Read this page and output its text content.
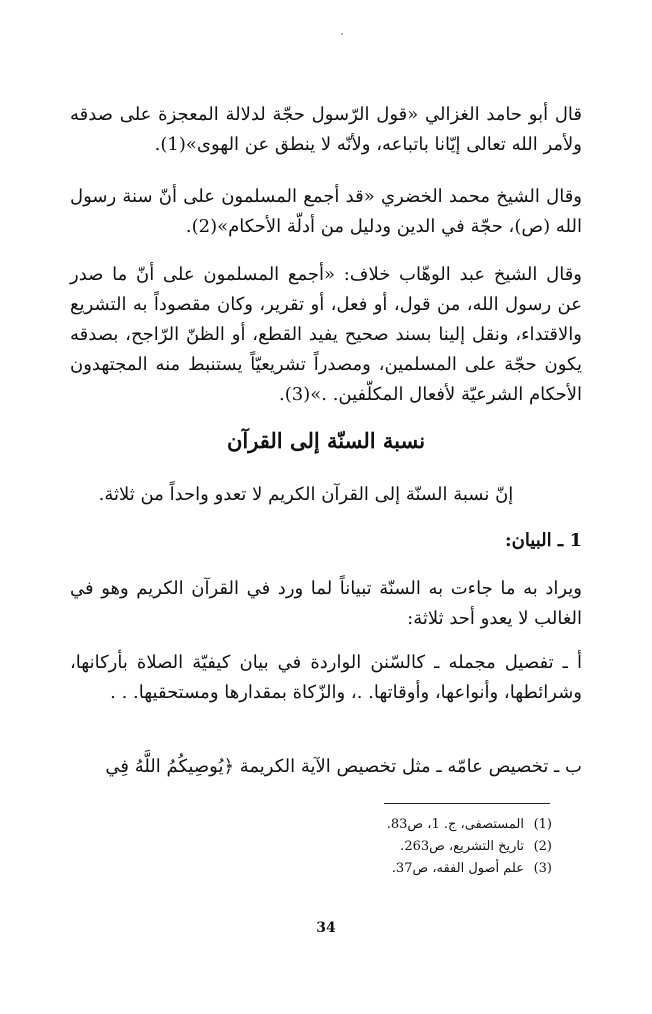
قال أبو حامد الغزالي «قول الرّسول حجّة لدلالة المعجزة على صدقه ولأمر الله تعالى إيّانا باتباعه، ولأنّه لا ينطق عن الهوى»(1).

وقال الشيخ محمد الخضري «قد أجمع المسلمون على أنّ سنة رسول الله (ص)، حجّة في الدين ودليل من أدلّة الأحكام»(2).

وقال الشيخ عبد الوهّاب خلاف: «أجمع المسلمون على أنّ ما صدر عن رسول الله، من قول، أو فعل، أو تقرير، وكان مقصوداً به التشريع والاقتداء، ونقل إلينا بسند صحيح يفيد القطع، أو الظنّ الرّاجح، بصدقه يكون حجّة على المسلمين، ومصدراً تشريعيّاً يستنبط منه المجتهدون الأحكام الشرعيّة لأفعال المكلّفين. .»(3).

نسبة السنّة إلى القرآن

إنّ نسبة السنّة إلى القرآن الكريم لا تعدو واحداً من ثلاثة.

1 ـ البيان:

ويراد به ما جاءت به السنّة تبياناً لما ورد في القرآن الكريم وهو في الغالب لا يعدو أحد ثلاثة:

أ ـ تفصيل مجمله ـ كالسّنن الواردة في بيان كيفيّة الصلاة بأركانها، وشرائطها، وأنواعها، وأوقاتها. .، والزّكاة بمقدارها ومستحقيها. . .

ب ـ تخصيص عامّه ـ مثل تخصيص الآية الكريمة ﴿يُوصِيكُمُ اللَّهُ فِي

(1)
المستصفى، ج. 1، ص83.
(2)
تاريخ التشريع، ص263.
(3)
علم أصول الفقه، ص37.
34
